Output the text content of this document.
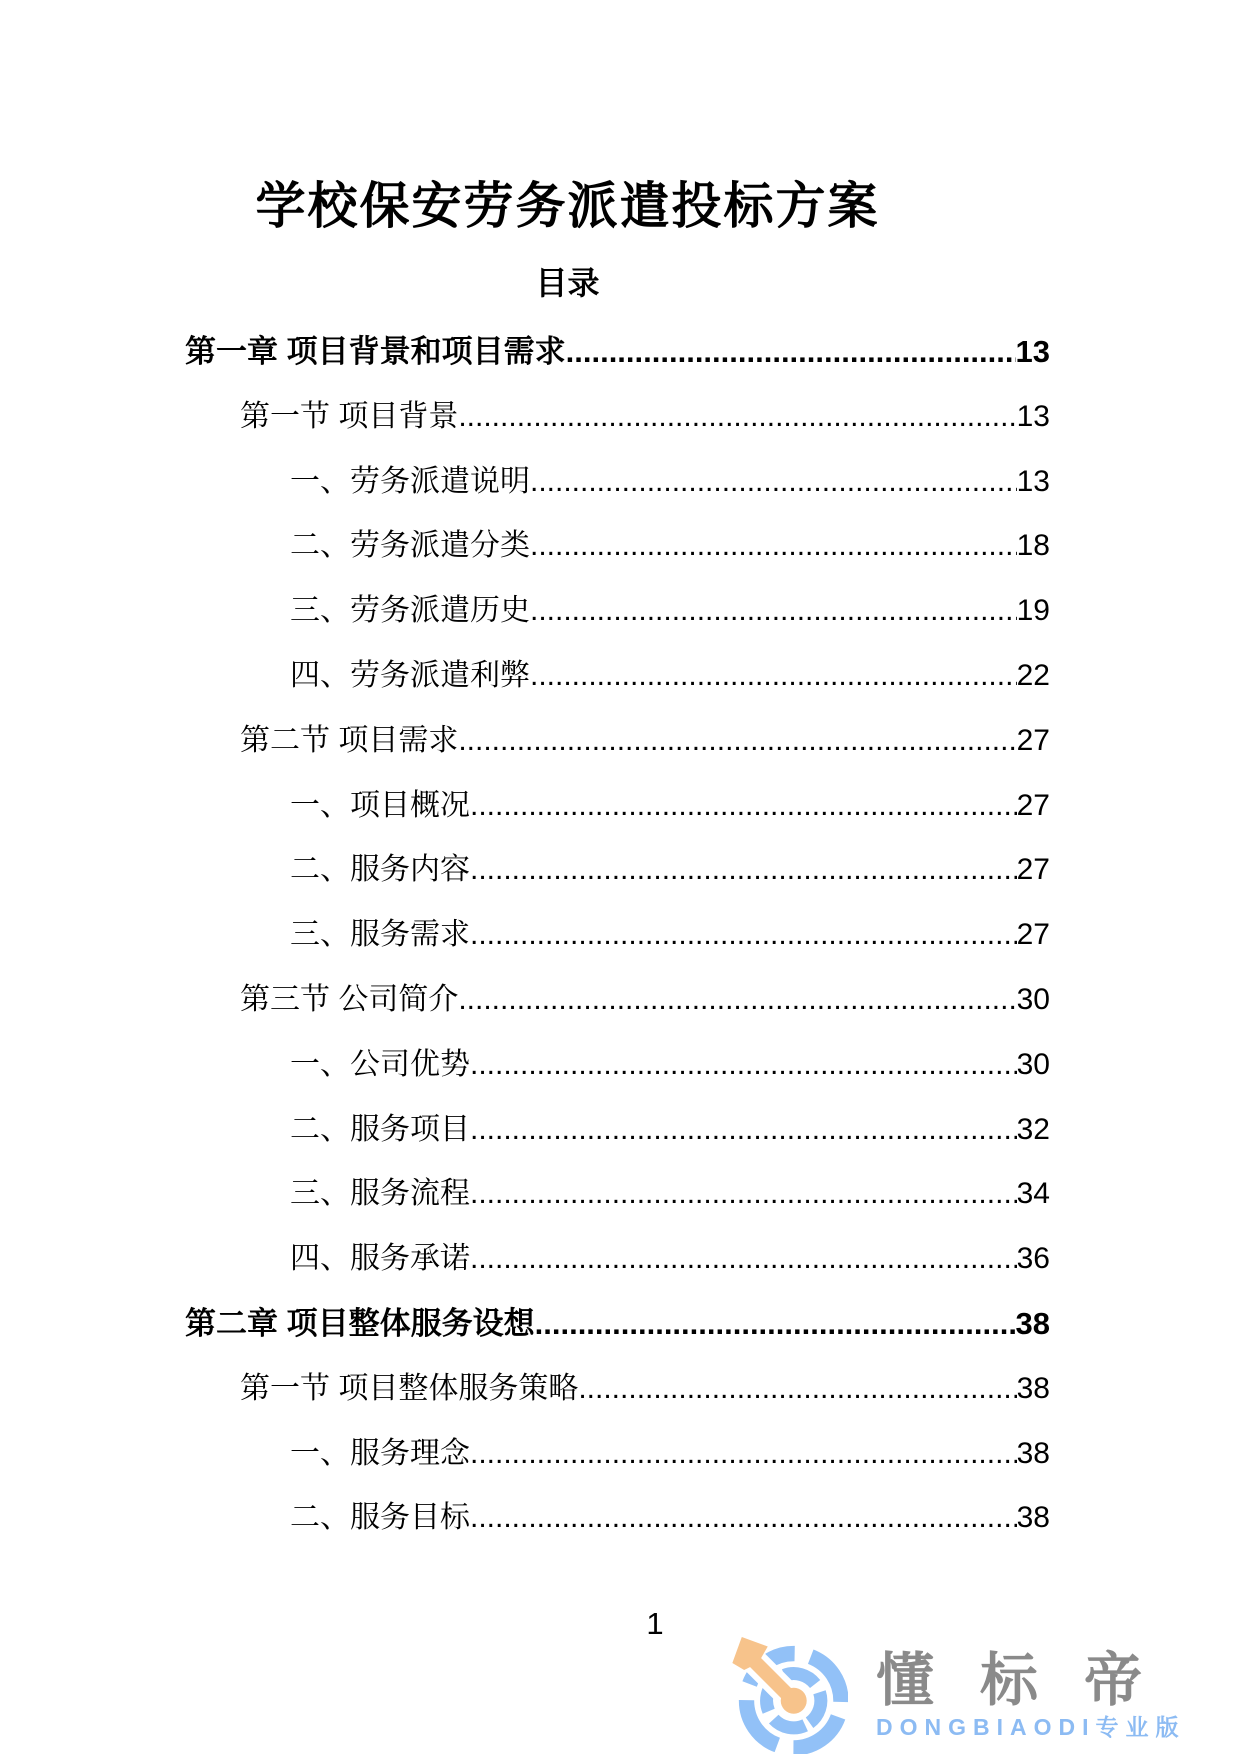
学校保安劳务派遣投标方案
目录
第一章 项目背景和项目需求 .....	13
第一节 项目背景 .....	13
一、劳务派遣说明 .....	13
二、劳务派遣分类 .....	18
三、劳务派遣历史 .....	19
四、劳务派遣利弊 .....	22
第二节 项目需求 .....	27
一、项目概况 .....	27
二、服务内容 .....	27
三、服务需求 .....	27
第三节 公司简介 .....	30
一、公司优势 .....	30
二、服务项目 .....	32
三、服务流程 .....	34
四、服务承诺 .....	36
第二章 项目整体服务设想 .....	38
第一节 项目整体服务策略 .....	38
一、服务理念 .....	38
二、服务目标 .....	38
1
懂标帝
DONGBIAODI专业版
